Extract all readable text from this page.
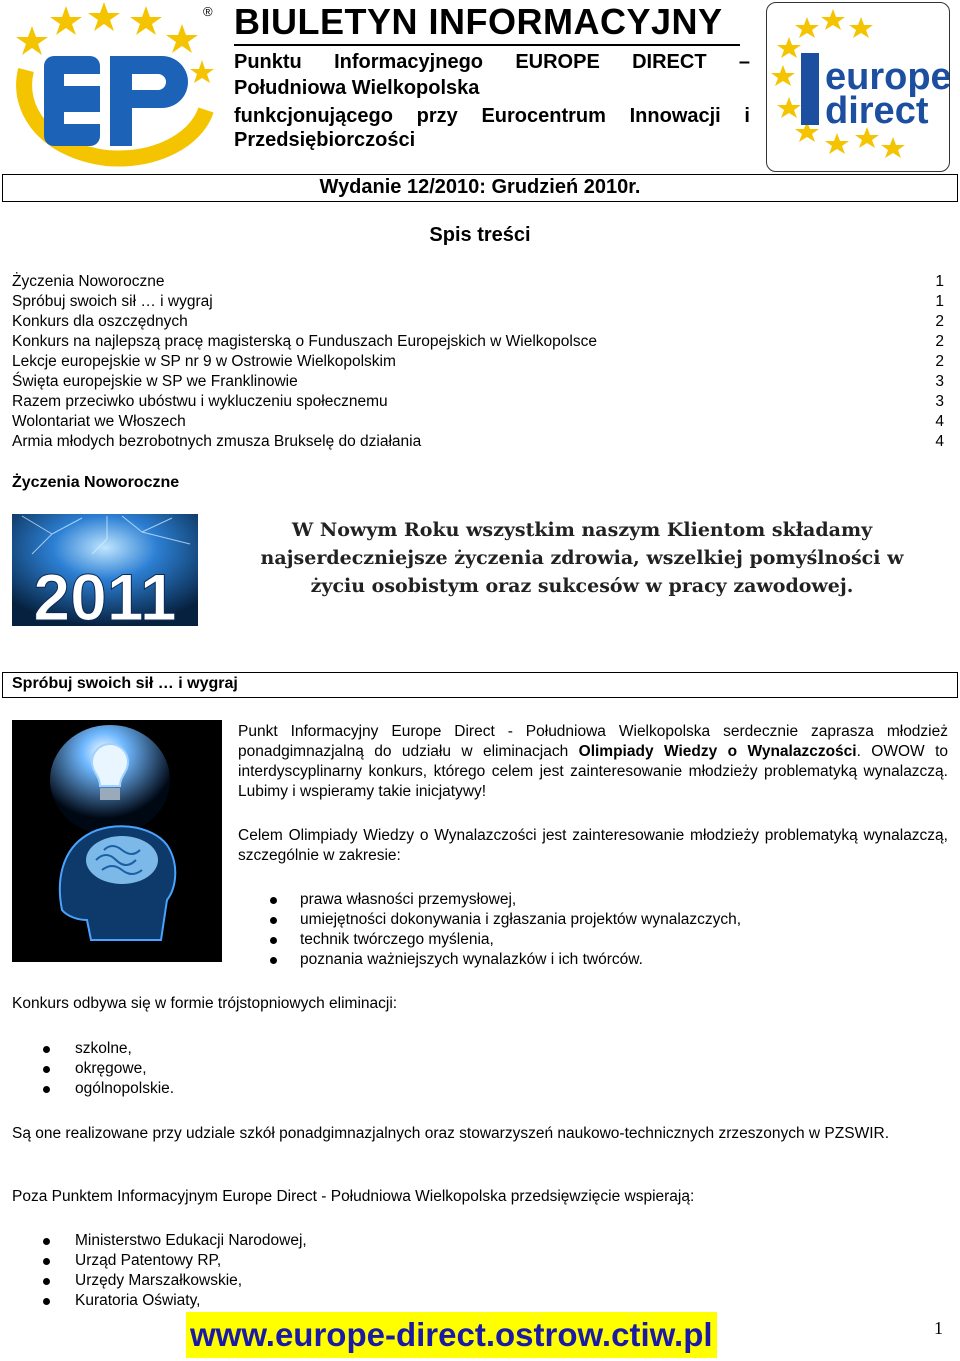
® BIULETYN INFORMACYJNY
Punktu Informacyjnego EUROPE DIRECT –
Południowa Wielkopolska
funkcjonującego przy Eurocentrum Innowacji i
Przedsiębiorczości
europe
direct
Wydanie 12/2010: Grudzień 2010r.
Spis treści
Życzenia Noworoczne	1
Spróbuj swoich sił … i wygraj	1
Konkurs dla oszczędnych	2
Konkurs na najlepszą pracę magisterską o Funduszach Europejskich w Wielkopolsce	2
Lekcje europejskie w SP nr 9 w Ostrowie Wielkopolskim	2
Święta europejskie w SP we Franklinowie	3
Razem przeciwko ubóstwu i wykluczeniu społecznemu	3
Wolontariat we Włoszech	4
Armia młodych bezrobotnych zmusza Brukselę do działania	4
Życzenia Noworoczne
2011
W Nowym Roku wszystkim naszym Klientom składamy najserdeczniejsze życzenia zdrowia, wszelkiej pomyślności w życiu osobistym oraz sukcesów w pracy zawodowej.
Spróbuj swoich sił … i wygraj
Punkt Informacyjny Europe Direct - Południowa Wielkopolska serdecznie zaprasza młodzież ponadgimnazjalną do udziału w eliminacjach Olimpiady Wiedzy o Wynalazczości. OWOW to interdyscyplinarny konkurs, którego celem jest zainteresowanie młodzieży problematyką wynalazczą. Lubimy i wspieramy takie inicjatywy!
Celem Olimpiady Wiedzy o Wynalazczości jest zainteresowanie młodzieży problematyką wynalazczą, szczególnie w zakresie:
prawa własności przemysłowej,
umiejętności dokonywania i zgłaszania projektów wynalazczych,
technik twórczego myślenia,
poznania ważniejszych wynalazków i ich twórców.
Konkurs odbywa się w formie trójstopniowych eliminacji:
szkolne,
okręgowe,
ogólnopolskie.
Są one realizowane przy udziale szkół ponadgimnazjalnych oraz stowarzyszeń naukowo-technicznych zrzeszonych w PZSWIR.
Poza Punktem Informacyjnym Europe Direct - Południowa Wielkopolska przedsięwzięcie wspierają:
Ministerstwo Edukacji Narodowej,
Urząd Patentowy RP,
Urzędy Marszałkowskie,
Kuratoria Oświaty,
www.europe-direct.ostrow.ctiw.pl	1
